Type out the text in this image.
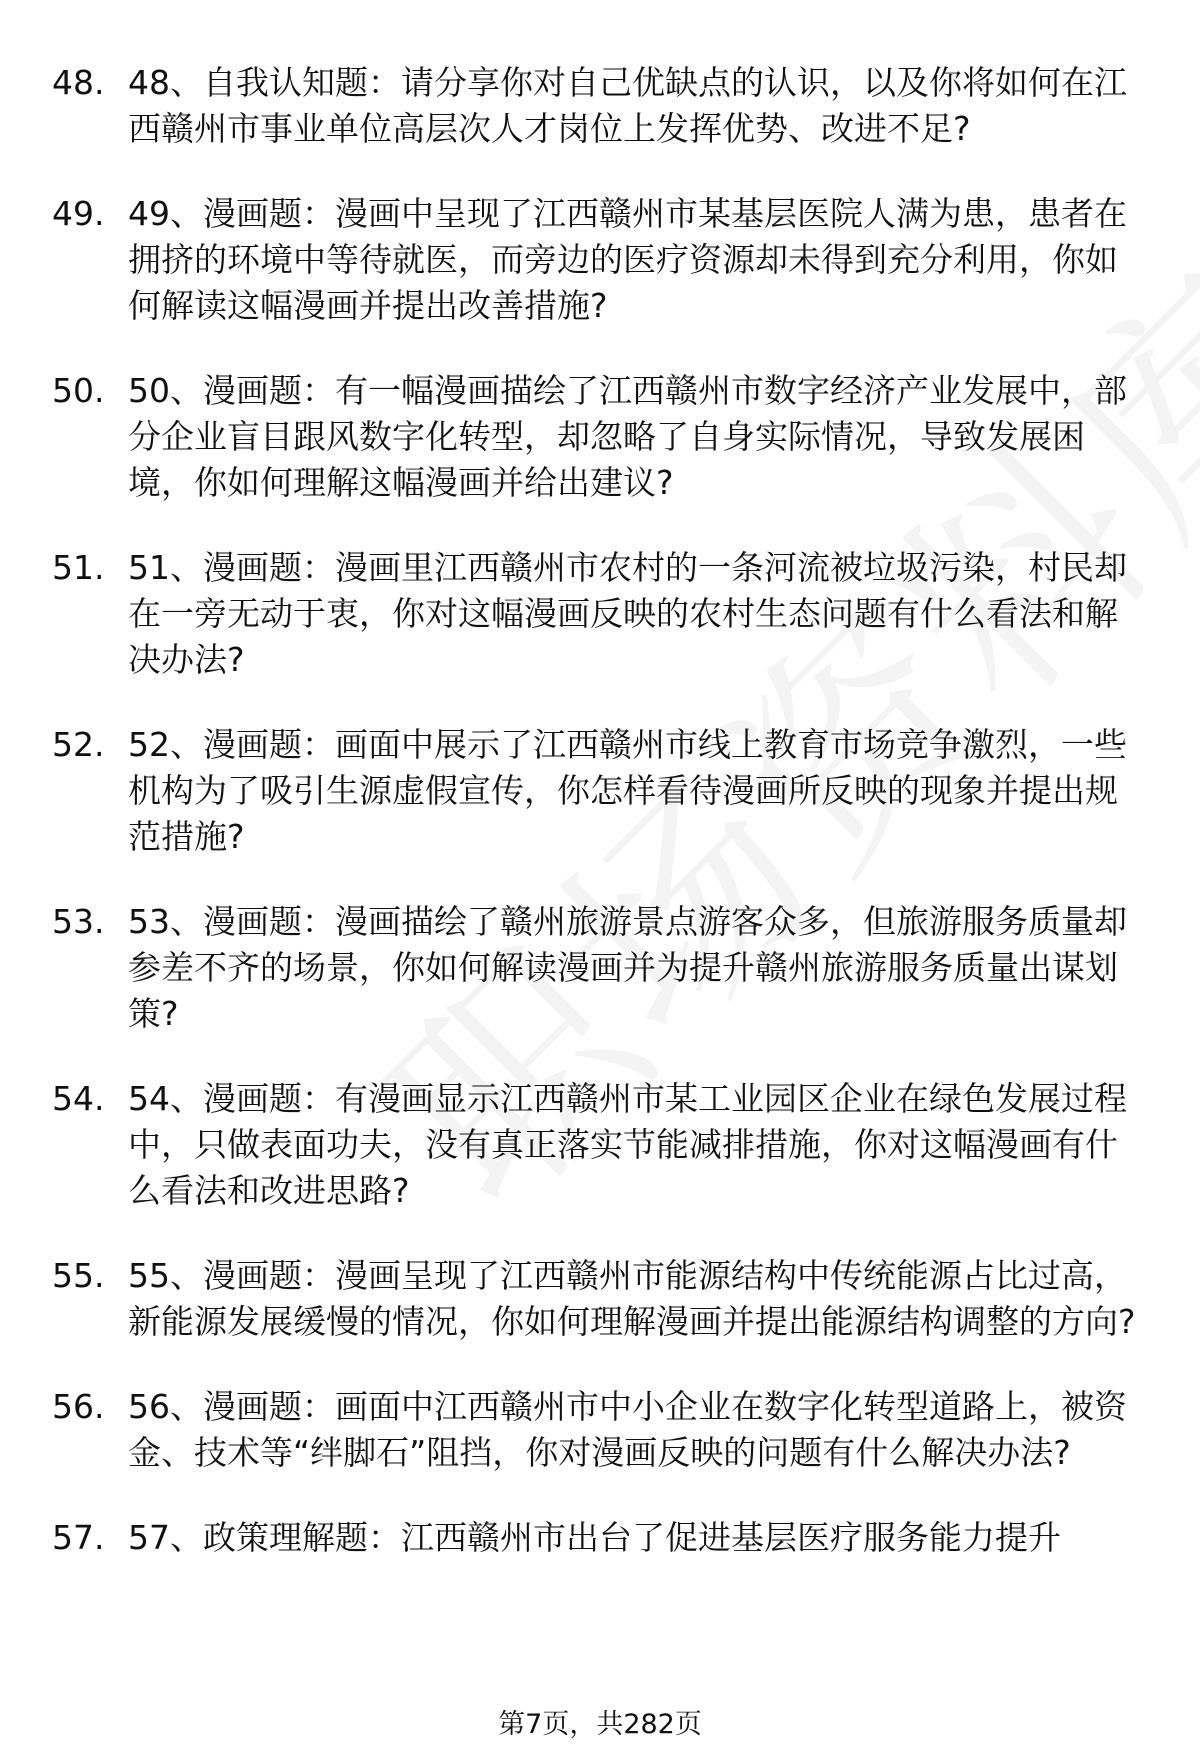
48. 48、自我认知题：请分享你对自己优缺点的认识，以及你将如何在江西赣州市事业单位高层次人才岗位上发挥优势、改进不足?
49. 49、漫画题：漫画中呈现了江西赣州市某基层医院人满为患，患者在拥挤的环境中等待就医，而旁边的医疗资源却未得到充分利用，你如何解读这幅漫画并提出改善措施?
50. 50、漫画题：有一幅漫画描绘了江西赣州市数字经济产业发展中，部分企业盲目跟风数字化转型，却忽略了自身实际情况，导致发展困境，你如何理解这幅漫画并给出建议?
51. 51、漫画题：漫画里江西赣州市农村的一条河流被垃圾污染，村民却在一旁无动于衷，你对这幅漫画反映的农村生态问题有什么看法和解决办法?
52. 52、漫画题：画面中展示了江西赣州市线上教育市场竞争激烈，一些机构为了吸引生源虚假宣传，你怎样看待漫画所反映的现象并提出规范措施?
53. 53、漫画题：漫画描绘了赣州旅游景点游客众多，但旅游服务质量却参差不齐的场景，你如何解读漫画并为提升赣州旅游服务质量出谋划策?
54. 54、漫画题：有漫画显示江西赣州市某工业园区企业在绿色发展过程中，只做表面功夫，没有真正落实节能减排措施，你对这幅漫画有什么看法和改进思路?
55. 55、漫画题：漫画呈现了江西赣州市能源结构中传统能源占比过高，新能源发展缓慢的情况，你如何理解漫画并提出能源结构调整的方向?
56. 56、漫画题：画面中江西赣州市中小企业在数字化转型道路上，被资金、技术等“绊脚石”阻挡，你对漫画反映的问题有什么解决办法?
57. 57、政策理解题：江西赣州市出台了促进基层医疗服务能力提升
第7页，共282页
